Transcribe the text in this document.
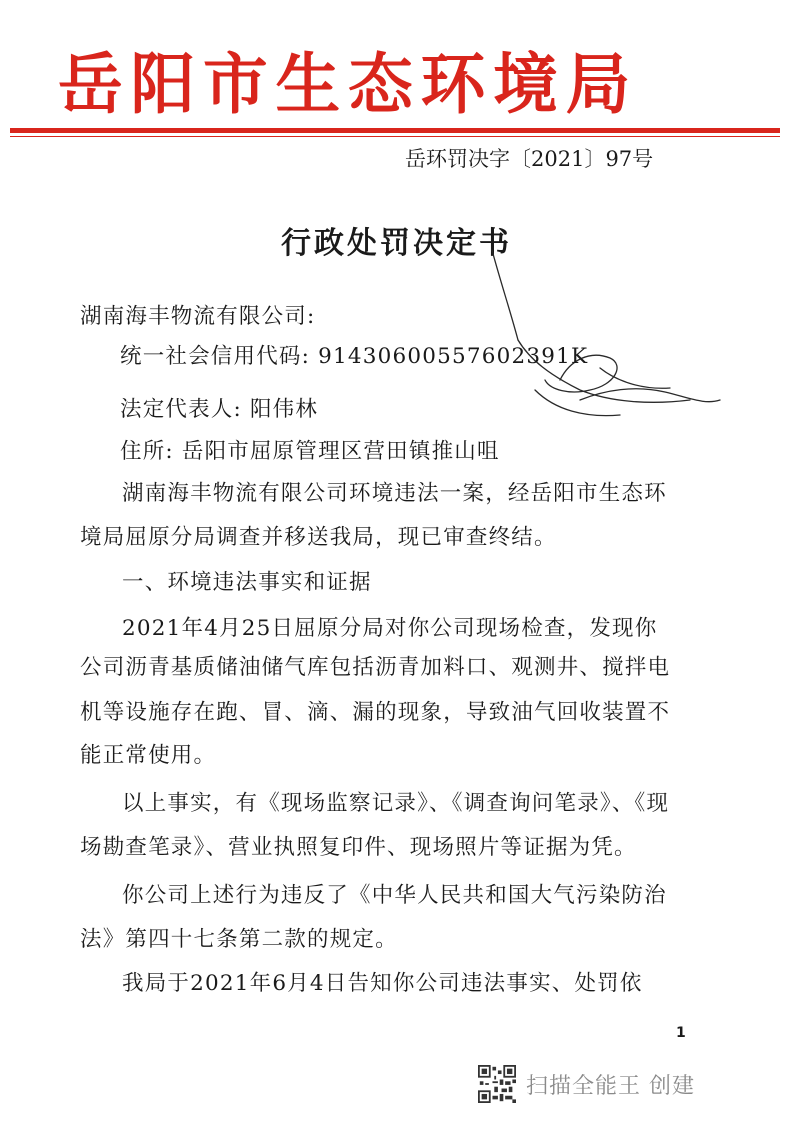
岳阳市生态环境局
岳环罚决字〔2021〕97号
行政处罚决定书
湖南海丰物流有限公司:
统一社会信用代码: 91430600557602391K
法定代表人: 阳伟林
住所: 岳阳市屈原管理区营田镇推山咀
湖南海丰物流有限公司环境违法一案，经岳阳市生态环
境局屈原分局调查并移送我局，现已审查终结。
一、环境违法事实和证据
2021年4月25日屈原分局对你公司现场检查，发现你
公司沥青基质储油储气库包括沥青加料口、观测井、搅拌电
机等设施存在跑、冒、滴、漏的现象，导致油气回收装置不
能正常使用。
以上事实，有《现场监察记录》、《调查询问笔录》、《现
场勘查笔录》、营业执照复印件、现场照片等证据为凭。
你公司上述行为违反了《中华人民共和国大气污染防治
法》第四十七条第二款的规定。
我局于2021年6月4日告知你公司违法事实、处罚依
1
扫描全能王 创建
